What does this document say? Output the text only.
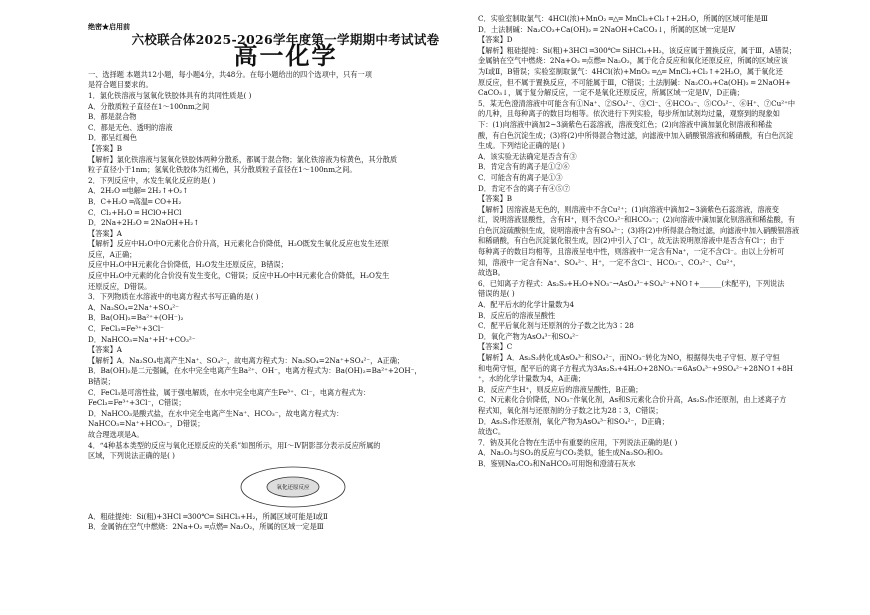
绝密★启用前
六校联合体2025-2026学年度第一学期期中考试试卷
高一化学
一、选择题 本题共12小题，每小题4分，共48分。在每小题给出的四个选项中，只有一项
是符合题目要求的。
1．氯化铁溶液与氢氧化铁胶体具有的共同性质是( )
A．分散质粒子直径在1～100nm之间
B．都是混合物
C．都是无色、透明的溶液
D．都呈红褐色
【答案】B
【解析】氯化铁溶液与氢氧化铁胶体两种分散系，都属于混合物；氯化铁溶液为棕黄色，其分散质
粒子直径小于1nm；氢氧化铁胶体为红褐色，其分散质粒子直径在1～100nm之间。
2．下列反应中，水发生氧化反应的是( )
A．2H₂O ═电解═ 2H₂↑+O₂↑
B．C+H₂O ═高温═ CO+H₂
C．Cl₂+H₂O ═ HClO+HCl
D．2Na+2H₂O ═ 2NaOH+H₂↑
【答案】A
【解析】反应中H₂O中O元素化合价升高，H元素化合价降低，H₂O既发生氧化反应也发生还原
反应，A正确；
反应中H₂O中H元素化合价降低，H₂O发生还原反应，B错误；
反应中H₂O中元素的化合价没有发生变化，C错误；反应中H₂O中H元素化合价降低，H₂O发生
还原反应，D错误。
3．下列物质在水溶液中的电离方程式书写正确的是( )
A．Na₂SO₄=2Na⁺+SO₄²⁻
B．Ba(OH)₂=Ba²⁺+(OH⁻)₂
C．FeCl₃=Fe³⁺+3Cl⁻
D．NaHCO₃=Na⁺+H⁺+CO₃²⁻
【答案】A
【解析】A．Na₂SO₄电离产生Na⁺、SO₄²⁻，故电离方程式为：Na₂SO₄=2Na⁺+SO₄²⁻，A正确；
B．Ba(OH)₂是二元强碱，在水中完全电离产生Ba²⁺、OH⁻，电离方程式为：Ba(OH)₂=Ba²⁺+2OH⁻，
B错误；
C．FeCl₃是可溶性盐，属于强电解质，在水中完全电离产生Fe³⁺、Cl⁻，电离方程式为：
FeCl₃=Fe³⁺+3Cl⁻，C错误；
D．NaHCO₃是酸式盐，在水中完全电离产生Na⁺、HCO₃⁻，故电离方程式为：
NaHCO₃=Na⁺+HCO₃⁻，D错误；
故合理选项是A。
4．“4种基本类型的反应与氧化还原反应的关系”如图所示，用Ⅰ～Ⅳ阴影部分表示反应所属的
区域，下列说法正确的是( )
氧化还原反应
A．粗硅提纯：Si(粗)+3HCl ═300℃═ SiHCl₃+H₂，所属区域可能是Ⅰ或Ⅱ
B．金属钠在空气中燃烧：2Na+O₂ ═点燃═ Na₂O₂，所属的区域一定是Ⅲ
C．实验室制取氯气：4HCl(浓)+MnO₂ ═△═ MnCl₂+Cl₂↑+2H₂O，所属的区域可能是Ⅲ
D．土法制碱：Na₂CO₃+Ca(OH)₂ ═ 2NaOH+CaCO₃↓，所属的区域一定是Ⅳ
【答案】D
【解析】粗硅提纯：Si(粗)+3HCl ═300℃═ SiHCl₃+H₂，该反应属于置换反应，属于Ⅲ，A错误；
金属钠在空气中燃烧：2Na+O₂ ═点燃═ Na₂O₂，属于化合反应和氧化还原反应，所属的区域应该
为Ⅰ或Ⅱ，B错误；实验室制取氯气：4HCl(浓)+MnO₂ ═△═ MnCl₂+Cl₂↑+2H₂O，属于氧化还
原反应，但不属于置换反应，不可能属于Ⅲ，C错误；土法制碱：Na₂CO₃+Ca(OH)₂ ═ 2NaOH+
CaCO₃↓，属于复分解反应，一定不是氧化还原反应，所属区域一定是Ⅳ，D正确；
5．某无色澄清溶液中可能含有①Na⁺、②SO₄²⁻、③Cl⁻、④HCO₃⁻、⑤CO₃²⁻、⑥H⁺、⑦Cu²⁺中
的几种，且每种离子的数目均相等。依次进行下列实验，每步所加试剂均过量，观察到的现象如
下：(1)向溶液中滴加2~3滴紫色石蕊溶液，溶液变红色；(2)向溶液中滴加氯化钡溶液和稀盐
酸，有白色沉淀生成；(3)将(2)中所得混合物过滤，向滤液中加入硝酸银溶液和稀硝酸，有白色沉淀
生成。下列结论正确的是( )
A．该实验无法确定是否含有③
B．肯定含有的离子是①②⑥
C．可能含有的离子是①③
D．肯定不含的离子有④⑤⑦
【答案】B
【解析】因溶液是无色的，则溶液中不含Cu²⁺；(1)向溶液中滴加2~3滴紫色石蕊溶液，溶液变
红，说明溶液显酸性，含有H⁺，则不含CO₃²⁻和HCO₃⁻；(2)向溶液中滴加氯化钡溶液和稀盐酸，有
白色沉淀硫酸钡生成，说明溶液中含有SO₄²⁻；(3)将(2)中所得混合物过滤，向滤液中加入硝酸银溶液
和稀硝酸，有白色沉淀氯化银生成，因(2)中引入了Cl⁻，故无法说明原溶液中是否含有Cl⁻；由于
每种离子的数目均相等，且溶液呈电中性，则溶液中一定含有Na⁺，一定不含Cl⁻。由以上分析可
知，溶液中一定含有Na⁺、SO₄²⁻、H⁺，一定不含Cl⁻、HCO₃⁻、CO₃²⁻、Cu²⁺，
故选B。
6．已知离子方程式：As₂S₃+H₂O+NO₃⁻→AsO₄³⁻+SO₄²⁻+NO↑+______(未配平)，下列说法
错误的是( )
A．配平后水的化学计量数为4
B．反应后的溶液呈酸性
C．配平后氧化剂与还原剂的分子数之比为3∶28
D．氧化产物为AsO₄³⁻和SO₄²⁻
【答案】C
【解析】A．As₂S₃转化成AsO₄³⁻和SO₄²⁻，而NO₃⁻转化为NO，根据得失电子守恒、原子守恒
和电荷守恒，配平后的离子方程式为3As₂S₃+4H₂O+28NO₃⁻=6AsO₄³⁻+9SO₄²⁻+28NO↑+8H
⁺，水的化学计量数为4，A正确；
B．反应产生H⁺，则反应后的溶液呈酸性，B正确；
C．N元素化合价降低，NO₃⁻作氧化剂，As和S元素化合价升高，As₂S₃作还原剂，由上述离子方
程式知，氧化剂与还原剂的分子数之比为28∶3，C错误；
D．As₂S₃作还原剂，氧化产物为AsO₄³⁻和SO₄²⁻，D正确；
故选C。
7．钠及其化合物在生活中有重要的应用，下列说法正确的是( )
A．Na₂O₂与SO₂的反应与CO₂类似，能生成Na₂SO₃和O₂
B．鉴别Na₂CO₃和NaHCO₃可用饱和澄清石灰水
